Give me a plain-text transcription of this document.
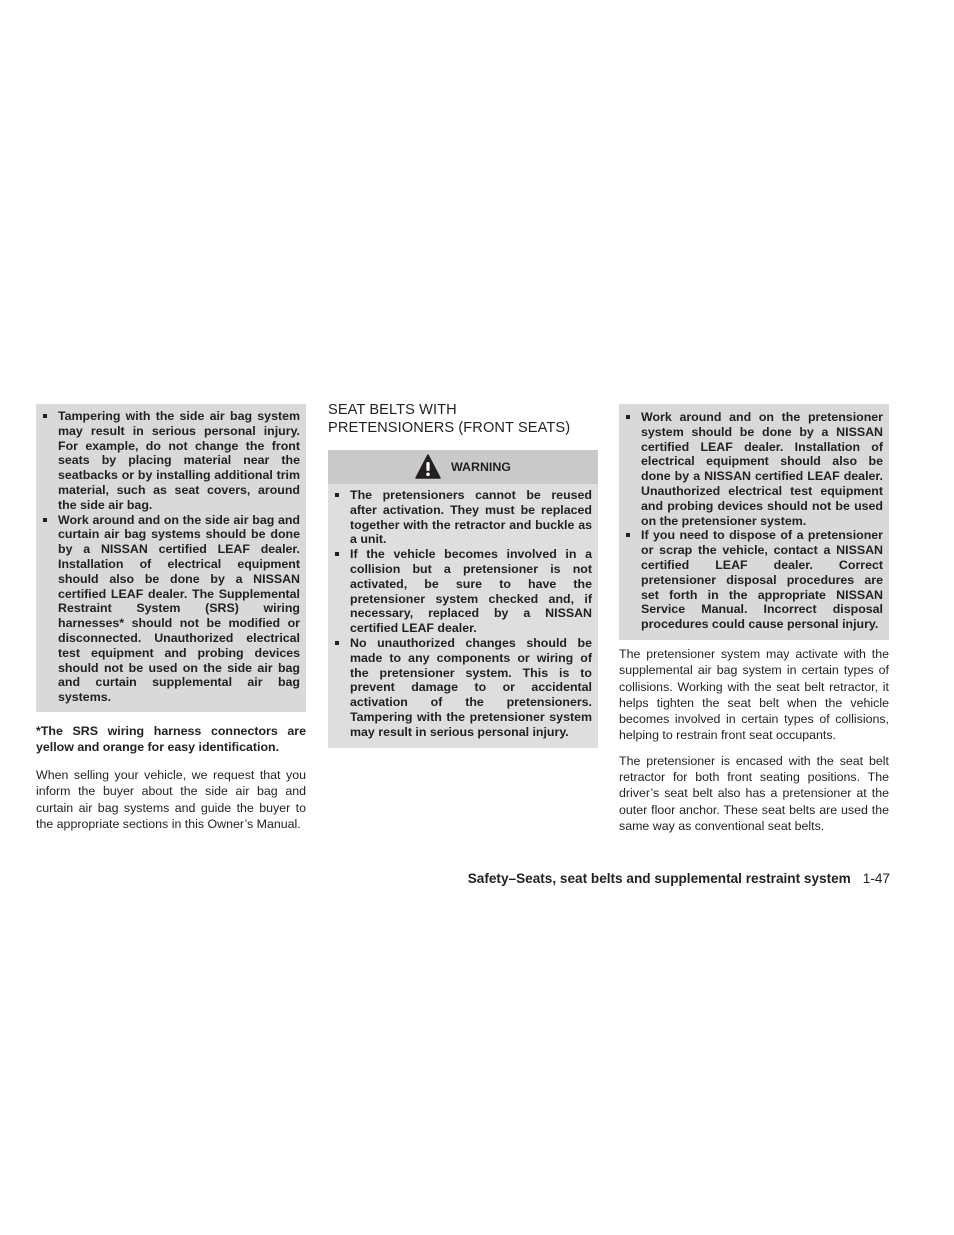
Tampering with the side air bag system may result in serious personal injury. For example, do not change the front seats by placing material near the seatbacks or by installing additional trim material, such as seat covers, around the side air bag.
Work around and on the side air bag and curtain air bag systems should be done by a NISSAN certified LEAF dealer. Installation of electrical equipment should also be done by a NISSAN certified LEAF dealer. The Supplemental Restraint System (SRS) wiring harnesses* should not be modified or disconnected. Unauthorized electrical test equipment and probing devices should not be used on the side air bag and curtain supplemental air bag systems.

*The SRS wiring harness connectors are yellow and orange for easy identification.

When selling your vehicle, we request that you inform the buyer about the side air bag and curtain air bag systems and guide the buyer to the appropriate sections in this Owner’s Manual.

SEAT BELTS WITH
PRETENSIONERS (FRONT SEATS)
WARNING
The pretensioners cannot be reused after activation. They must be replaced together with the retractor and buckle as a unit.
If the vehicle becomes involved in a collision but a pretensioner is not activated, be sure to have the pretensioner system checked and, if necessary, replaced by a NISSAN certified LEAF dealer.
No unauthorized changes should be made to any components or wiring of the pretensioner system. This is to prevent damage to or accidental activation of the pretensioners. Tampering with the pretensioner system may result in serious personal injury.
Work around and on the pretensioner system should be done by a NISSAN certified LEAF dealer. Installation of electrical equipment should also be done by a NISSAN certified LEAF dealer. Unauthorized electrical test equipment and probing devices should not be used on the pretensioner system.
If you need to dispose of a pretensioner or scrap the vehicle, contact a NISSAN certified LEAF dealer. Correct pretensioner disposal procedures are set forth in the appropriate NISSAN Service Manual. Incorrect disposal procedures could cause personal injury.

The pretensioner system may activate with the supplemental air bag system in certain types of collisions. Working with the seat belt retractor, it helps tighten the seat belt when the vehicle becomes involved in certain types of collisions, helping to restrain front seat occupants.

The pretensioner is encased with the seat belt retractor for both front seating positions. The driver’s seat belt also has a pretensioner at the outer floor anchor. These seat belts are used the same way as conventional seat belts.

Safety–Seats, seat belts and supplemental restraint system 1-47
